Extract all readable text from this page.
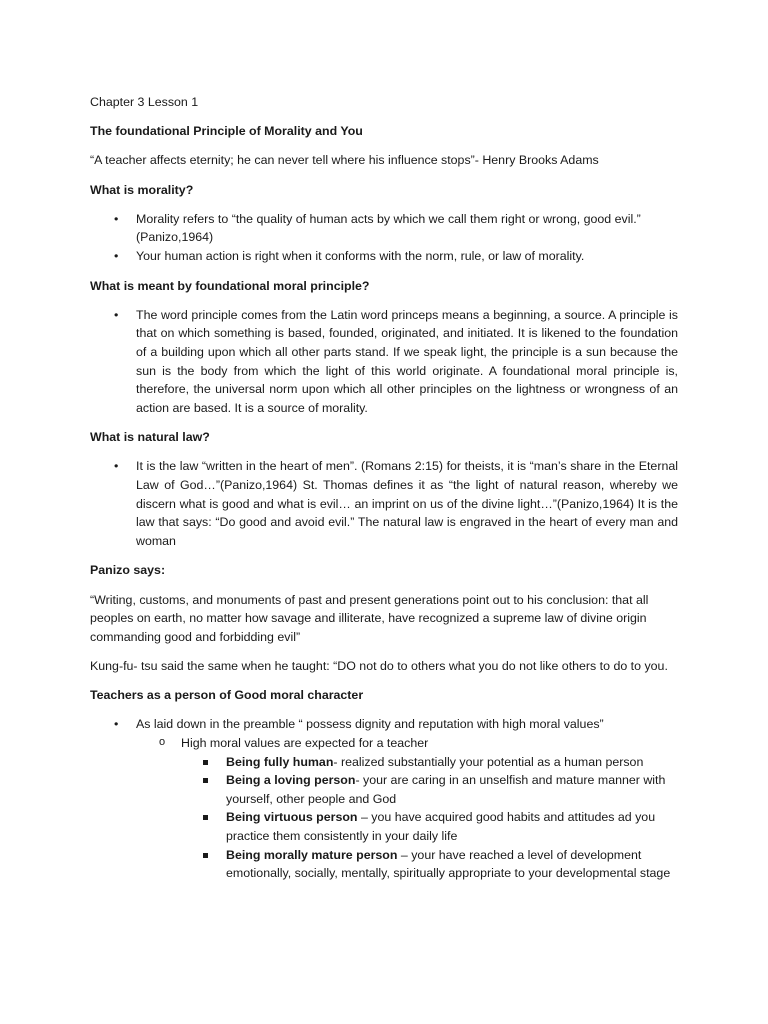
Chapter 3 Lesson 1

The foundational Principle of Morality and You

“A teacher affects eternity; he can never tell where his influence stops”- Henry Brooks Adams

What is morality?

• Morality refers to “the quality of human acts by which we call them right or wrong, good evil.” (Panizo,1964)
• Your human action is right when it conforms with the norm, rule, or law of morality.

What is meant by foundational moral principle?

• The word principle comes from the Latin word princeps means a beginning, a source. A principle is that on which something is based, founded, originated, and initiated. It is likened to the foundation of a building upon which all other parts stand. If we speak light, the principle is a sun because the sun is the body from which the light of this world originate. A foundational moral principle is, therefore, the universal norm upon which all other principles on the lightness or wrongness of an action are based. It is a source of morality.

What is natural law?

• It is the law “written in the heart of men”. (Romans 2:15) for theists, it is “man’s share in the Eternal Law of God…”(Panizo,1964) St. Thomas defines it as “the light of natural reason, whereby we discern what is good and what is evil… an imprint on us of the divine light…”(Panizo,1964) It is the law that says: “Do good and avoid evil.” The natural law is engraved in the heart of every man and woman

Panizo says:

“Writing, customs, and monuments of past and present generations point out to his conclusion: that all peoples on earth, no matter how savage and illiterate, have recognized a supreme law of divine origin commanding good and forbidding evil”

Kung-fu- tsu said the same when he taught: “DO not do to others what you do not like others to do to you.

Teachers as a person of Good moral character

• As laid down in the preamble “ possess dignity and reputation with high moral values”
o High moral values are expected for a teacher
Being fully human- realized substantially your potential as a human person
Being a loving person- your are caring in an unselfish and mature manner with yourself, other people and God
Being virtuous person – you have acquired good habits and attitudes ad you practice them consistently in your daily life
Being morally mature person – your have reached a level of development emotionally, socially, mentally, spiritually appropriate to your developmental stage
